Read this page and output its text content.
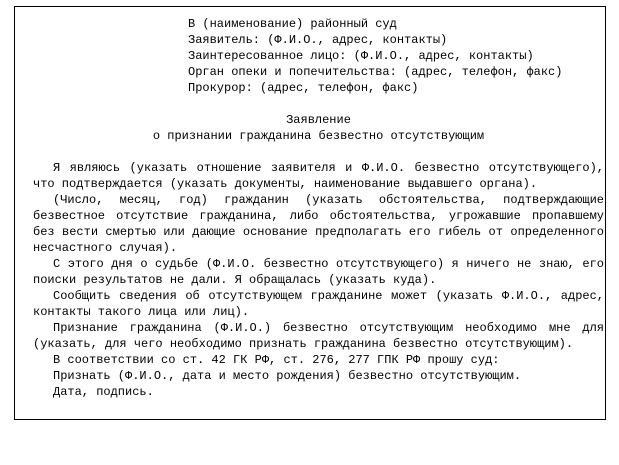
В (наименование) районный суд
Заявитель: (Ф.И.О., адрес, контакты)
Заинтересованное лицо: (Ф.И.О., адрес, контакты)
Орган опеки и попечительства: (адрес, телефон, факс)
Прокурор: (адрес, телефон, факс)
Заявление
о признании гражданина безвестно отсутствующим
Я являюсь (указать отношение заявителя и Ф.И.О. безвестно отсутствующего), что подтверждается (указать документы, наименование выдавшего органа).
(Число, месяц, год) гражданин (указать обстоятельства, подтверждающие безвестное отсутствие гражданина, либо обстоятельства, угрожавшие пропавшему без вести смертью или дающие основание предполагать его гибель от определенного несчастного случая).
С этого дня о судьбе (Ф.И.О. безвестно отсутствующего) я ничего не знаю, его поиски результатов не дали. Я обращалась (указать куда).
Сообщить сведения об отсутствующем гражданине может (указать Ф.И.О., адрес, контакты такого лица или лиц).
Признание гражданина (Ф.И.О.) безвестно отсутствующим необходимо мне для (указать, для чего необходимо признать гражданина безвестно отсутствующим).
В соответствии со ст. 42 ГК РФ, ст. 276, 277 ГПК РФ прошу суд:
Признать (Ф.И.О., дата и место рождения) безвестно отсутствующим.
Дата, подпись.
